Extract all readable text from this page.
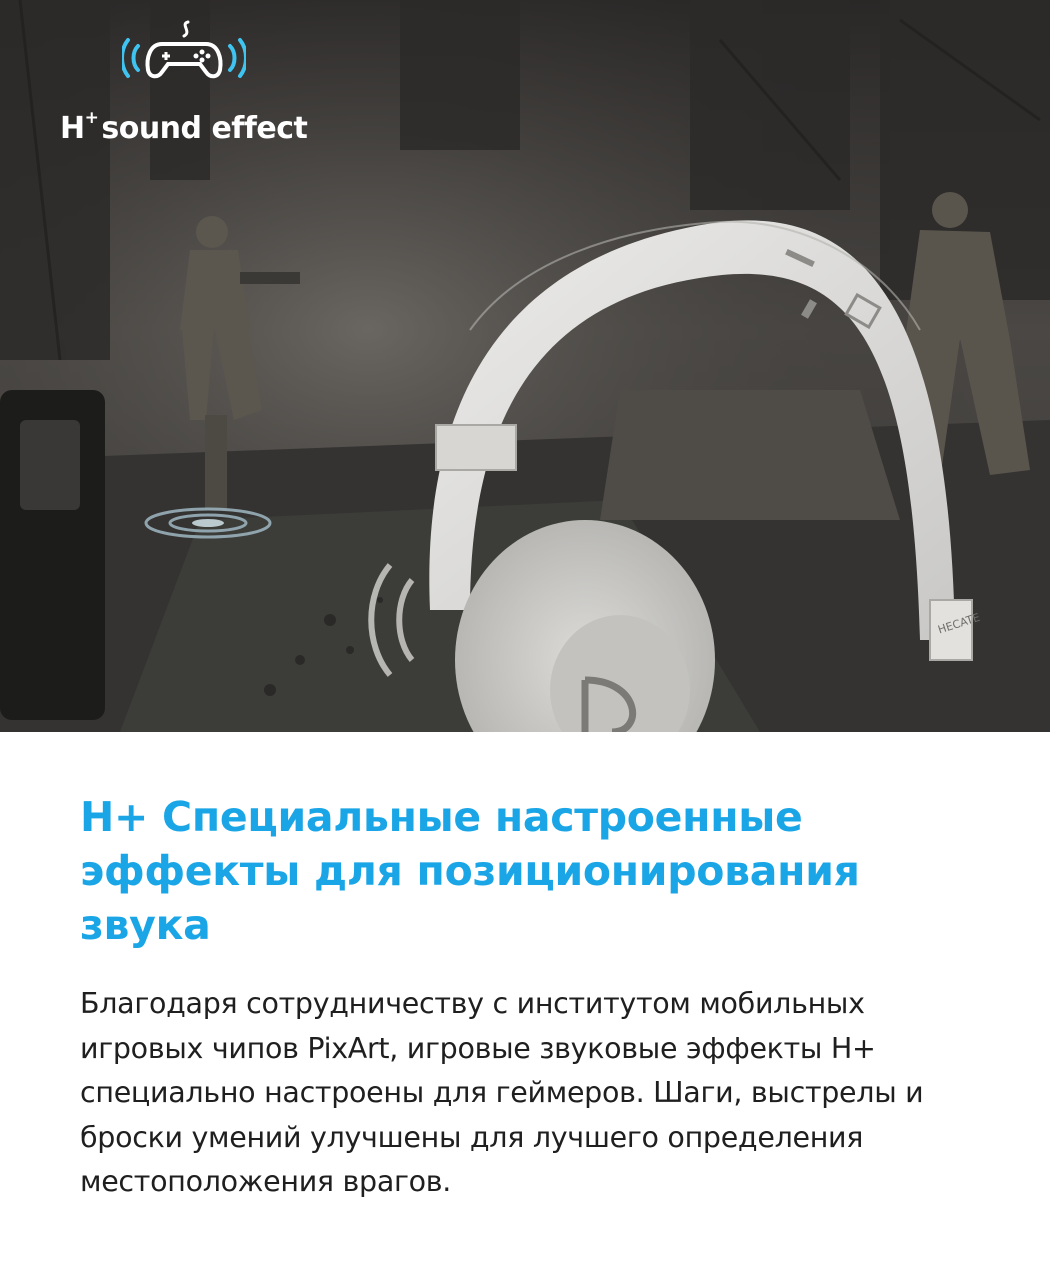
H+ sound effect
HECATE
H+ Специальные настроенные эффекты для позиционирования звука

Благодаря сотрудничеству с институтом мобильных игровых чипов PixArt, игровые звуковые эффекты H+ специально настроены для геймеров. Шаги, выстрелы и броски умений улучшены для лучшего определения местоположения врагов.
